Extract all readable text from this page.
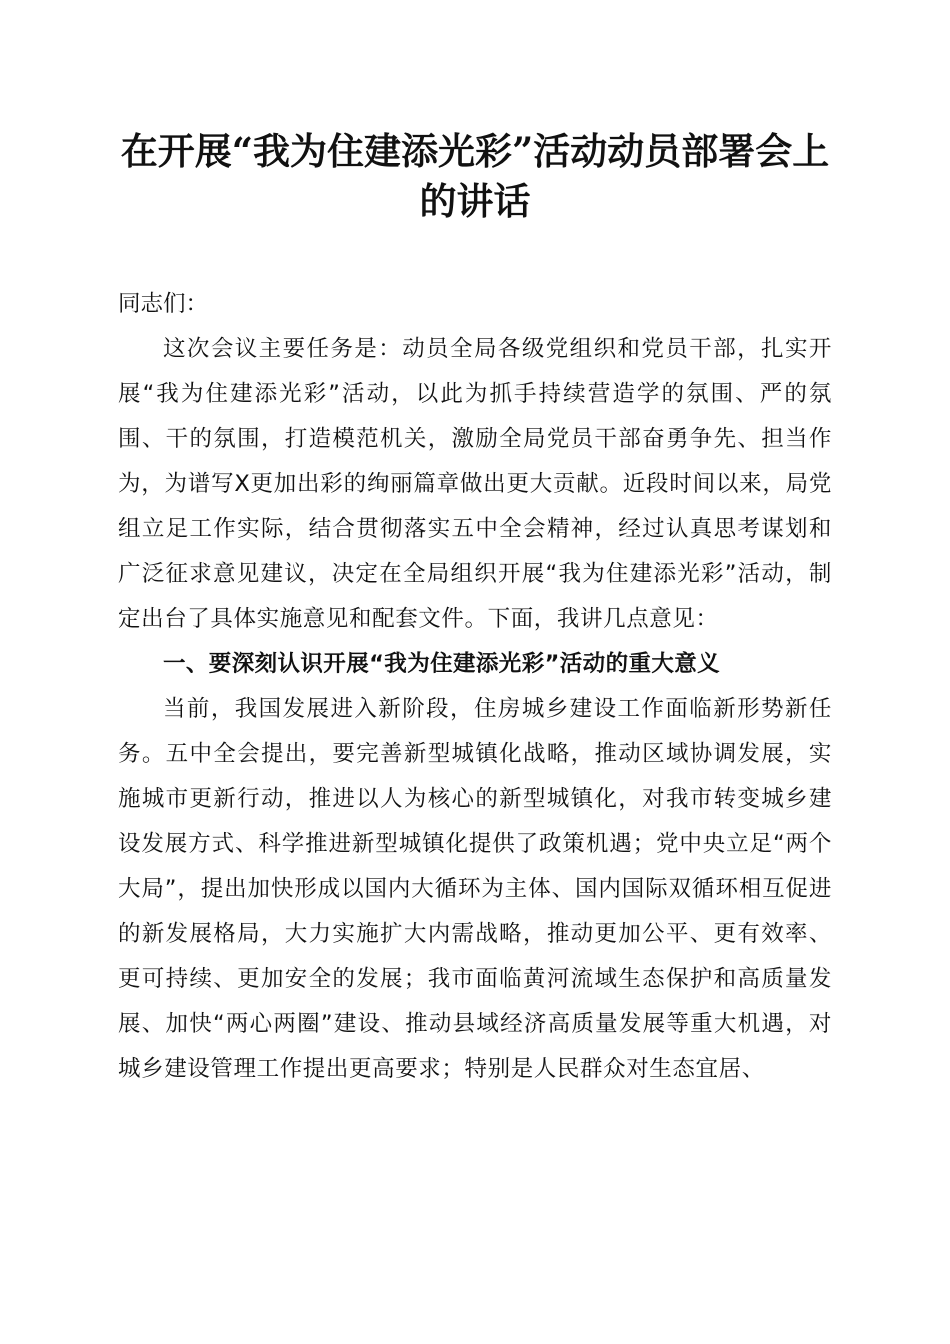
在开展“我为住建添光彩”活动动员部署会上
的讲话

同志们：

这次会议主要任务是：动员全局各级党组织和党员干部，扎实开展“我为住建添光彩”活动，以此为抓手持续营造学的氛围、严的氛围、干的氛围，打造模范机关，激励全局党员干部奋勇争先、担当作为，为谱写X更加出彩的绚丽篇章做出更大贡献。近段时间以来，局党组立足工作实际，结合贯彻落实五中全会精神，经过认真思考谋划和广泛征求意见建议，决定在全局组织开展“我为住建添光彩”活动，制定出台了具体实施意见和配套文件。下面，我讲几点意见：

一、要深刻认识开展“我为住建添光彩”活动的重大意义

当前，我国发展进入新阶段，住房城乡建设工作面临新形势新任务。五中全会提出，要完善新型城镇化战略，推动区域协调发展，实施城市更新行动，推进以人为核心的新型城镇化，对我市转变城乡建设发展方式、科学推进新型城镇化提供了政策机遇；党中央立足“两个大局”，提出加快形成以国内大循环为主体、国内国际双循环相互促进的新发展格局，大力实施扩大内需战略，推动更加公平、更有效率、更可持续、更加安全的发展；我市面临黄河流域生态保护和高质量发展、加快“两心两圈”建设、推动县域经济高质量发展等重大机遇，对城乡建设管理工作提出更高要求；特别是人民群众对生态宜居、
